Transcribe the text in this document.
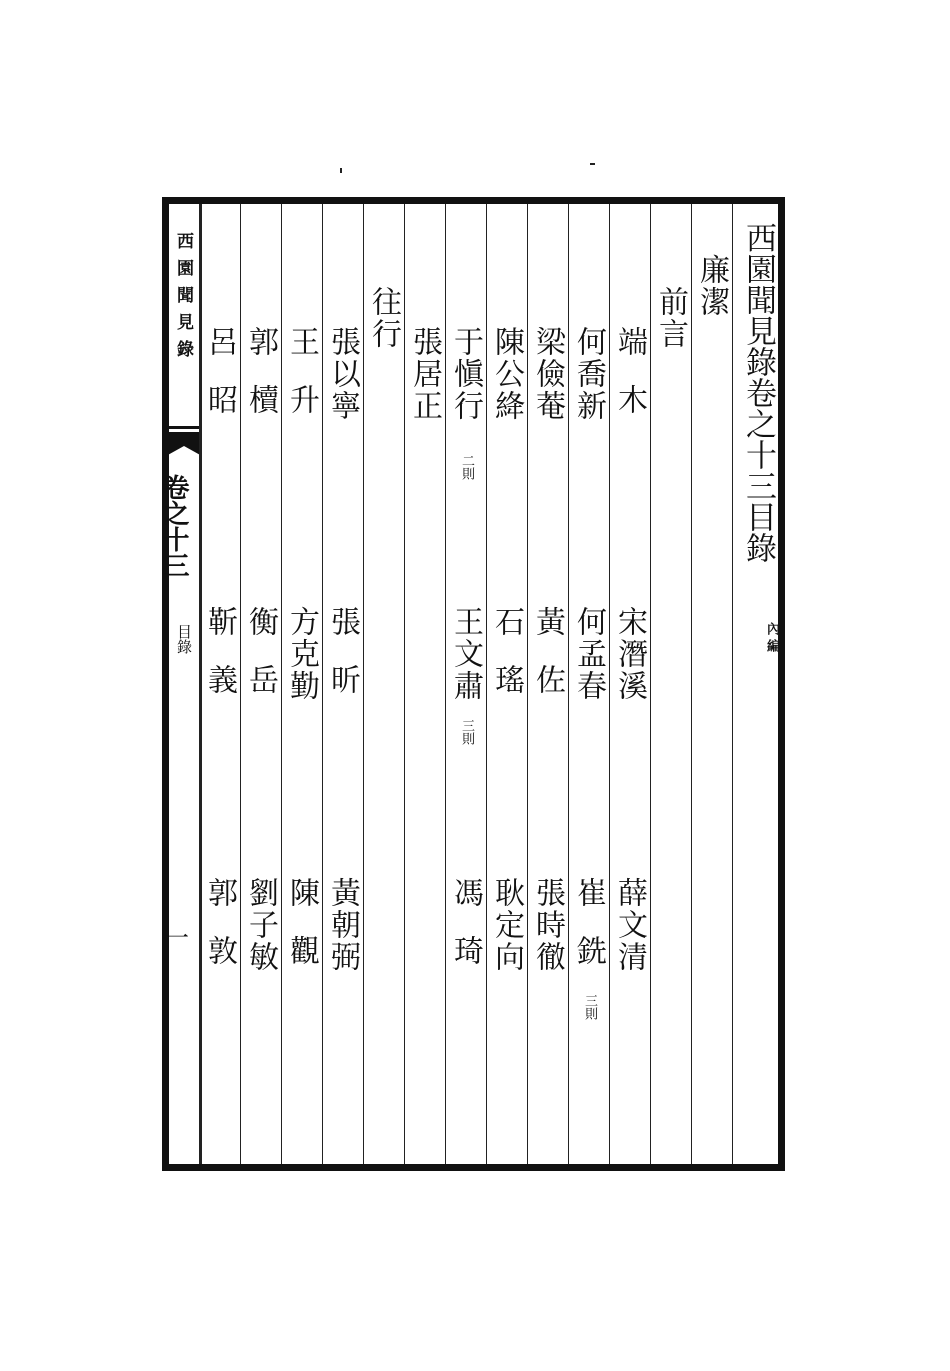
西園聞見錄
卷之十三
目錄
一
西園聞見錄卷之十三目錄
內編
廉潔
前言
端木
宋潛溪
薛文清
何喬新
何孟春
崔銑
三則
梁儉菴
黃佐
張時徹
陳公絳
石瑤
耿定向
于愼行
二則
王文肅
三則
馮琦
張居正
往行
張以寧
張昕
黃朝弼
王升
方克勤
陳觀
郭櫝
衡岳
劉子敏
呂昭
靳義
郭敦
